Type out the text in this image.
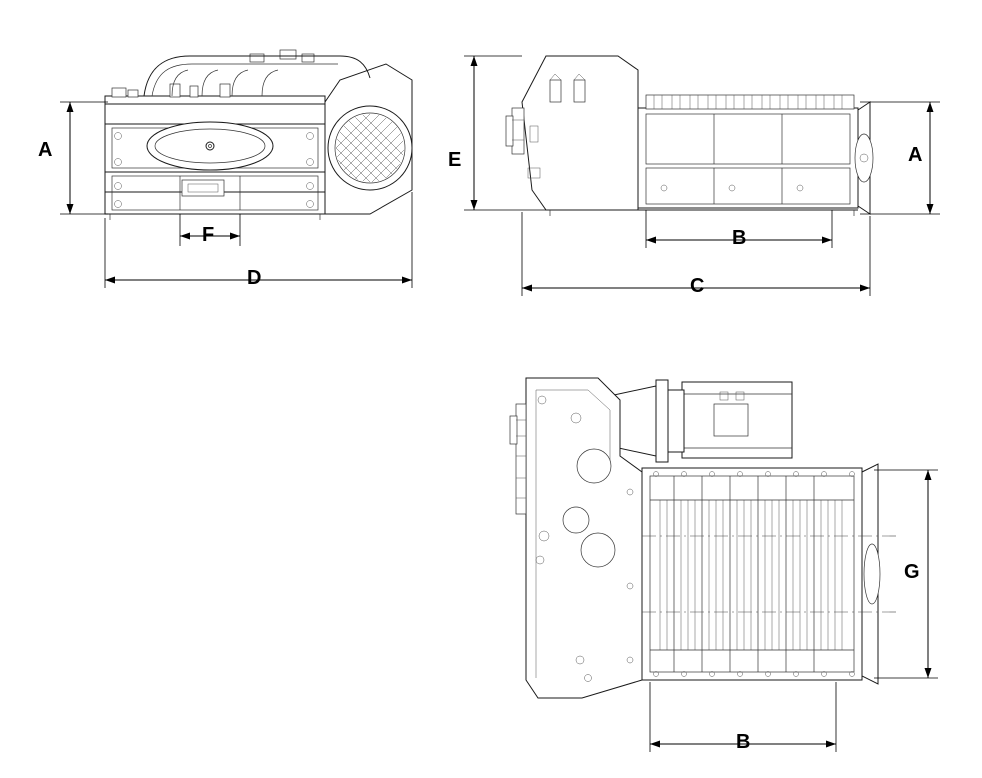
A
F
D
E	A
B
C
G
B
